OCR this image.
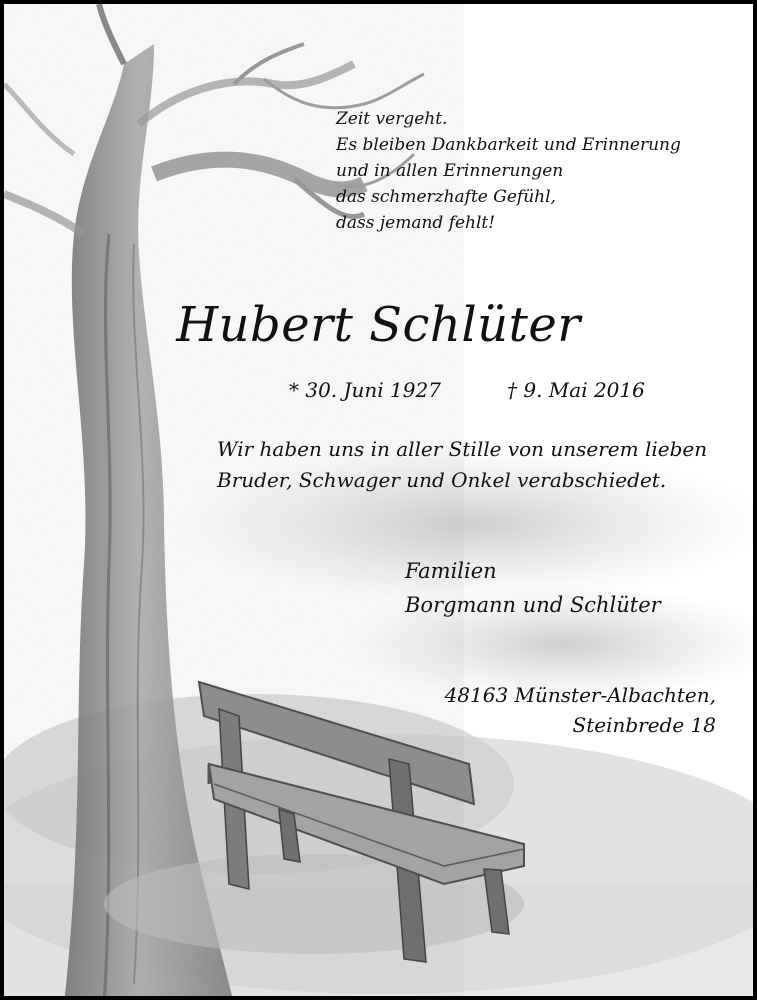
Zeit vergeht.
Es bleiben Dankbarkeit und Erinnerung
und in allen Erinnerungen
das schmerzhafte Gefühl,
dass jemand fehlt!
Hubert Schlüter
* 30. Juni 1927	† 9. Mai 2016
Wir haben uns in aller Stille von unserem lieben
Bruder, Schwager und Onkel verabschiedet.
Familien
Borgmann und Schlüter
48163 Münster-Albachten,
Steinbrede 18
